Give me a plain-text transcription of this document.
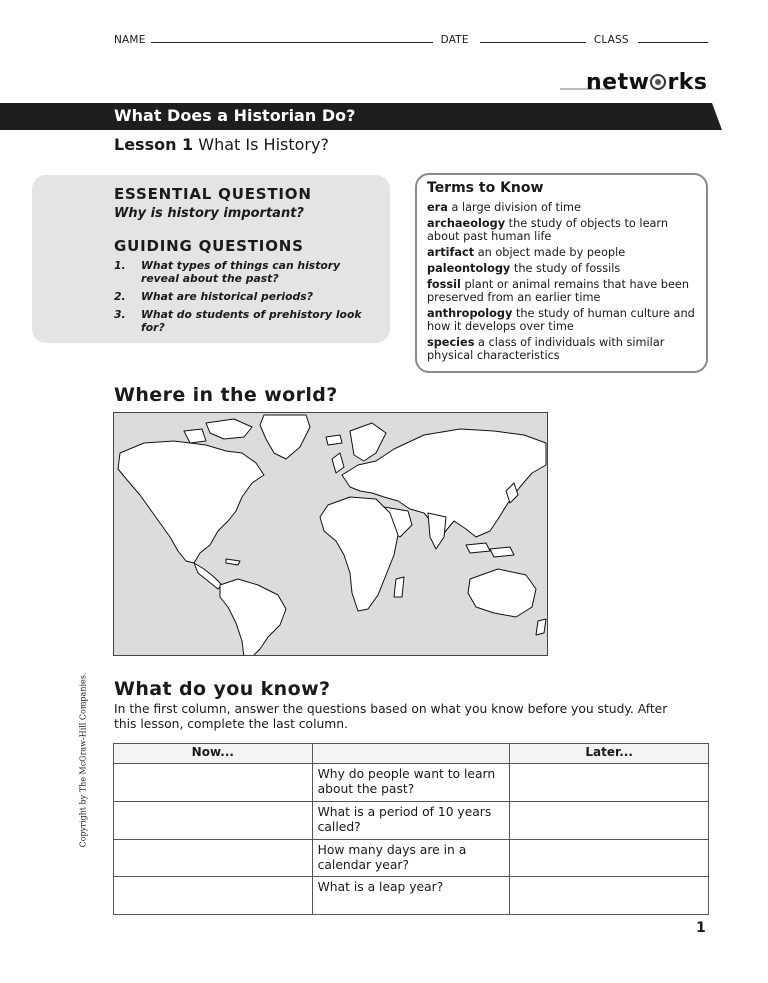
NAME	DATE	CLASS
netw rks
What Does a Historian Do?
Lesson 1 What Is History?
ESSENTIAL QUESTION
Why is history important?
GUIDING QUESTIONS
1.	What types of things can history reveal about the past?
2.	What are historical periods?
3.	What do students of prehistory look for?
Terms to Know
era a large division of time
archaeology the study of objects to learn about past human life
artifact an object made by people
paleontology the study of fossils
fossil plant or animal remains that have been preserved from an earlier time
anthropology the study of human culture and how it develops over time
species a class of individuals with similar physical characteristics
Where in the world?
What do you know?
In the first column, answer the questions based on what you know before you study. After this lesson, complete the last column.
Now...		Later...
	Why do people want to learn about the past?	
	What is a period of 10 years called?	
	How many days are in a calendar year?	
	What is a leap year?	
Copyright by The McGraw-Hill Companies.
1
